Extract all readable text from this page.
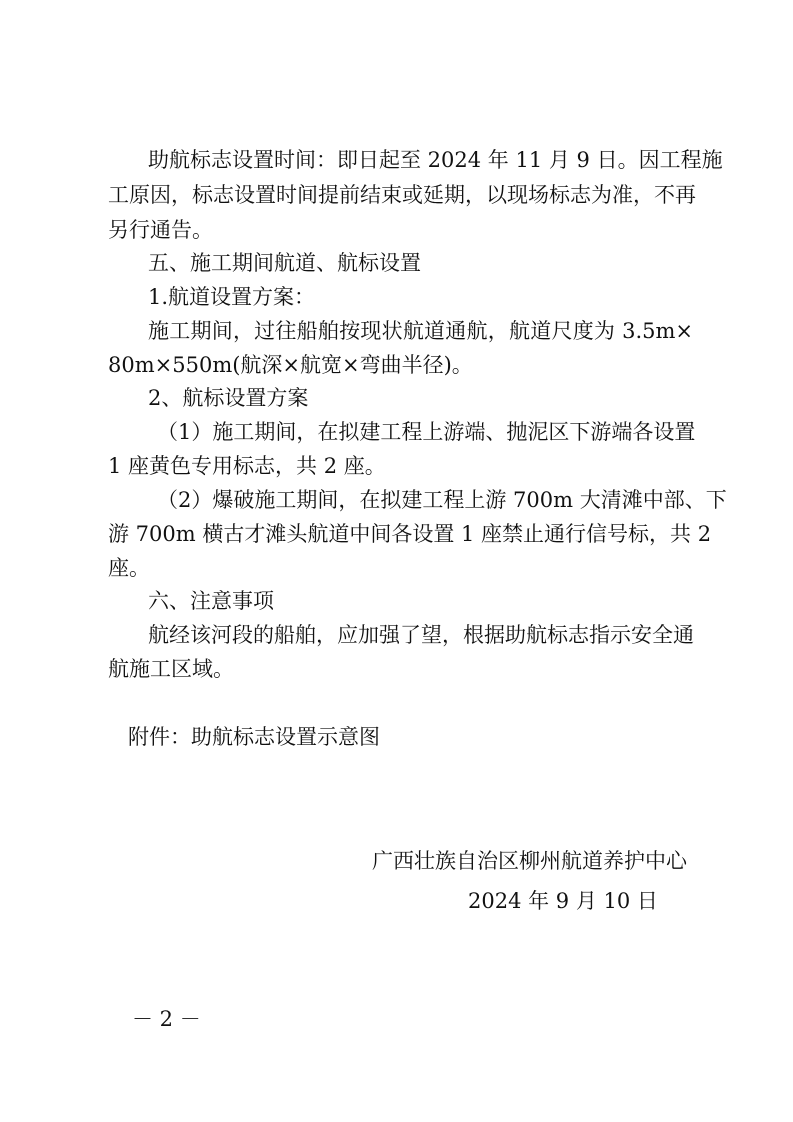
助航标志设置时间：即日起至 2024 年 11 月 9 日。因工程施
工原因，标志设置时间提前结束或延期，以现场标志为准，不再
另行通告。
五、施工期间航道、航标设置
1.航道设置方案：
施工期间，过往船舶按现状航道通航，航道尺度为 3.5m×
80m×550m(航深×航宽×弯曲半径)。
2、航标设置方案
（1）施工期间，在拟建工程上游端、抛泥区下游端各设置
1 座黄色专用标志，共 2 座。
（2）爆破施工期间，在拟建工程上游 700m 大清滩中部、下
游 700m 横古才滩头航道中间各设置 1 座禁止通行信号标，共 2
座。
六、注意事项
航经该河段的船舶，应加强了望，根据助航标志指示安全通
航施工区域。
附件：助航标志设置示意图
广西壮族自治区柳州航道养护中心
2024 年 9 月 10 日
－ 2 －
